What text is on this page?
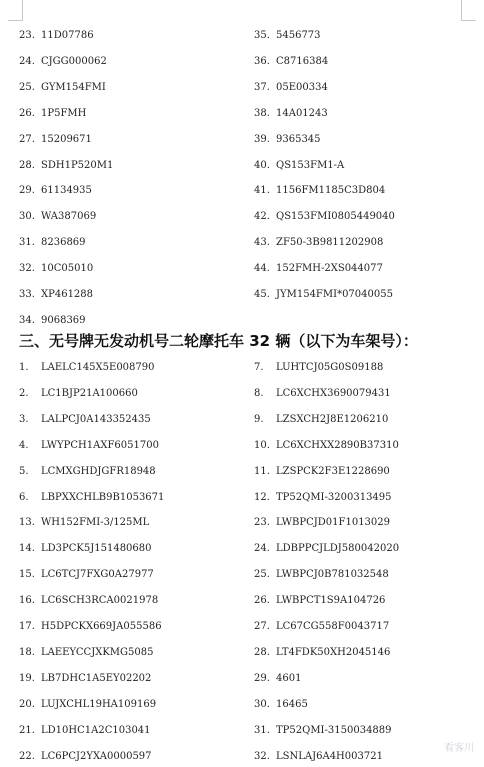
23. 11D07786	35. 5456773
24. CJGG000062	36. C8716384
25. GYM154FMI	37. 05E00334
26. 1P5FMH	38. 14A01243
27. 15209671	39. 9365345
28. SDH1P520M1	40. QS153FM1-A
29. 61134935	41. 1156FM1185C3D804
30. WA387069	42. QS153FMI0805449040
31. 8236869	43. ZF50-3B9811202908
32. 10C05010	44. 152FMH-2XS044077
33. XP461288	45. JYM154FMI*07040055
34. 9068369
三、无号牌无发动机号二轮摩托车 32 辆（以下为车架号）：
1. LAELC145X5E008790	7. LUHTCJ05G0S09188
2. LC1BJP21A100660	8. LC6XCHX3690079431
3. LALPCJ0A143352435	9. LZSXCH2J8E1206210
4. LWYPCH1AXF6051700	10. LC6XCHXX2890B37310
5. LCMXGHDJGFR18948	11. LZSPCK2F3E1228690
6. LBPXXCHLB9B1053671	12. TP52QMI-3200313495
13. WH152FMI-3/125ML	23. LWBPCJD01F1013029
14. LD3PCK5J151480680	24. LDBPPCJLDJ580042020
15. LC6TCJ7FXG0A27977	25. LWBPCJ0B781032548
16. LC6SCH3RCA0021978	26. LWBPCT1S9A104726
17. H5DPCKX669JA055586	27. LC67CG558F0043717
18. LAEEYCCJXKMG5085	28. LT4FDK50XH2045146
19. LB7DHC1A5EY02202	29. 4601
20. LUJXCHL19HA109169	30. 16465
21. LD10HC1A2C103041	31. TP52QMI-3150034889
22. LC6PCJ2YXA0000597	32. LSNLAJ6A4H003721
看客川
